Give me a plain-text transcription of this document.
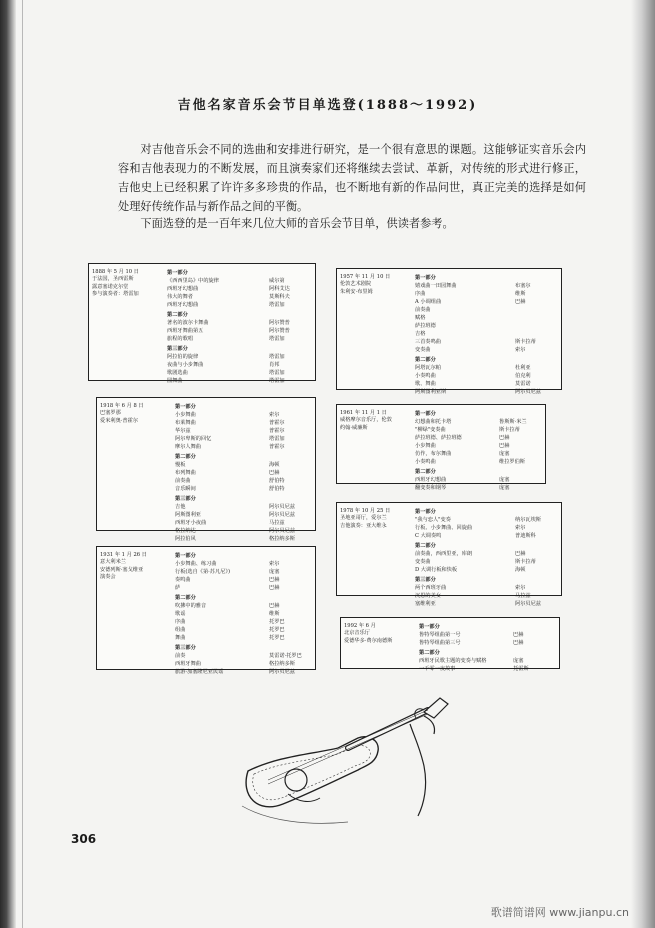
吉他名家音乐会节目单选登(1888～1992)

对吉他音乐会不同的选曲和安排进行研究，是一个很有意思的课题。这能够证实音乐会内容和吉他表现力的不断发展，而且演奏家们还将继续去尝试、革新，对传统的形式进行修正，吉他史上已经积累了许许多多珍贵的作品，也不断地有新的作品问世，真正完美的选择是如何处理好传统作品与新作品之间的平衡。

下面选登的是一百年来几位大师的音乐会节目单，供读者参考。

1888 年 5 月 10 日
于法国，圣西雷斯
露意塞诺克尔堂
参与演奏者：塔雷加
第一部分
《西西里岛》中的旋律	威尔第
西班牙幻想曲	阿科艾达
伟大的舞者	莫斯科夫
西班牙幻想曲	塔雷加
第二部分
著名的波尔卡舞曲	阿尔赞普
西班牙舞曲第五	阿尔赞普
旅程的歌唱	塔雷加
第三部分
阿拉伯的旋律	塔雷加
夜曲与小步舞曲	肖邦
歌剧选曲	塔雷加
圆舞曲	塔雷加
1918 年 6 月 8 日
巴塞罗那
爱米利奥·普霍尔
第一部分
小步舞曲	索尔
布莱舞曲	普霍尔
华尔兹	普霍尔
阿尔卑斯的回忆	塔雷加
摩尔人舞曲	普霍尔
第二部分
慢板	海顿
布列舞曲	巴赫
前奏曲	舒伯特
音乐瞬间	舒伯特
第三部分
吉他	阿尔贝尼兹
阿斯图利亚	阿尔贝尼兹
西班牙小夜曲	马拉兹
格拉纳达	阿尔贝尼兹
阿拉伯风	格拉纳多斯
1931 年 1 月 26 日
意大利米兰
安德列斯·塞戈维亚
演奏会
第一部分
小步舞曲、练习曲	索尔
行板(选自《第·苏凡尼》)	庞塞
奏鸣曲	巴赫
萨	巴赫
第二部分
吹拂中的雅音	巴赫
歌谣	维斯
序曲	托罗巴
组曲	托罗巴
舞曲	托罗巴
第三部分
前奏	莫雷诺·托罗巴
西班牙舞曲	格拉纳多斯
旅游·加塞隆尼亚民谣	阿尔贝尼兹
1957 年 11 月 10 日
伦敦艺术剧院
朱利安·布里姆
第一部分
嬉戏曲一田园舞曲	布塞尔
序曲	维斯
A 小调组曲	巴赫
前奏曲
赋格
萨拉班德
吉格
三首奏鸣曲	斯卡拉蒂
变奏曲	索尔
第二部分
阿塔瓦尔帕	杜利亚
小奏鸣曲	伯克利
歌、舞曲	莫雷诺
阿斯图利亚斯	阿尔贝尼兹
1961 年 11 月 1 日
威格摩尔音乐厅，伦敦
约翰·威廉斯
第一部分
幻想曲和托卡塔	鲁斯斯·米兰
"柳绿"变奏曲	斯卡拉蒂
萨拉班德、萨拉班德	巴赫
小步舞曲	巴赫
仿作，布尔舞曲	庞塞
小奏鸣曲	维拉罗伯斯
第二部分
西班牙幻想曲	庞塞
翻变奏和钢琴	庞塞
1978 年 10 月 25 日
圣地亚哥厅，爱尔兰
吉他演奏：亚大维永
第一部分
"我与恋人"变奏	纳尔瓦埃斯
行板、小步舞曲、回旋曲	索尔
C 大调奏鸣	普迪斯科
第二部分
前奏曲，西西里亚，库朗	巴赫
变奏曲	斯卡拉蒂
D 大调行板和快板	海顿
第三部分
两个西班牙曲	索尔
沉思的美女	马拉兹
塞维利亚	阿尔贝尼兹
1992 年 6 月
北京音乐厅
爱德华多·费尔南德斯
第一部分
鲁特琴组曲第一号	巴赫
鲁特琴组曲第三号	巴赫
第二部分
西班牙民歌主题的变奏与赋格	庞塞
一千零一夜故事	托雷斯
306
歌谱简谱网 www.jianpu.cn
